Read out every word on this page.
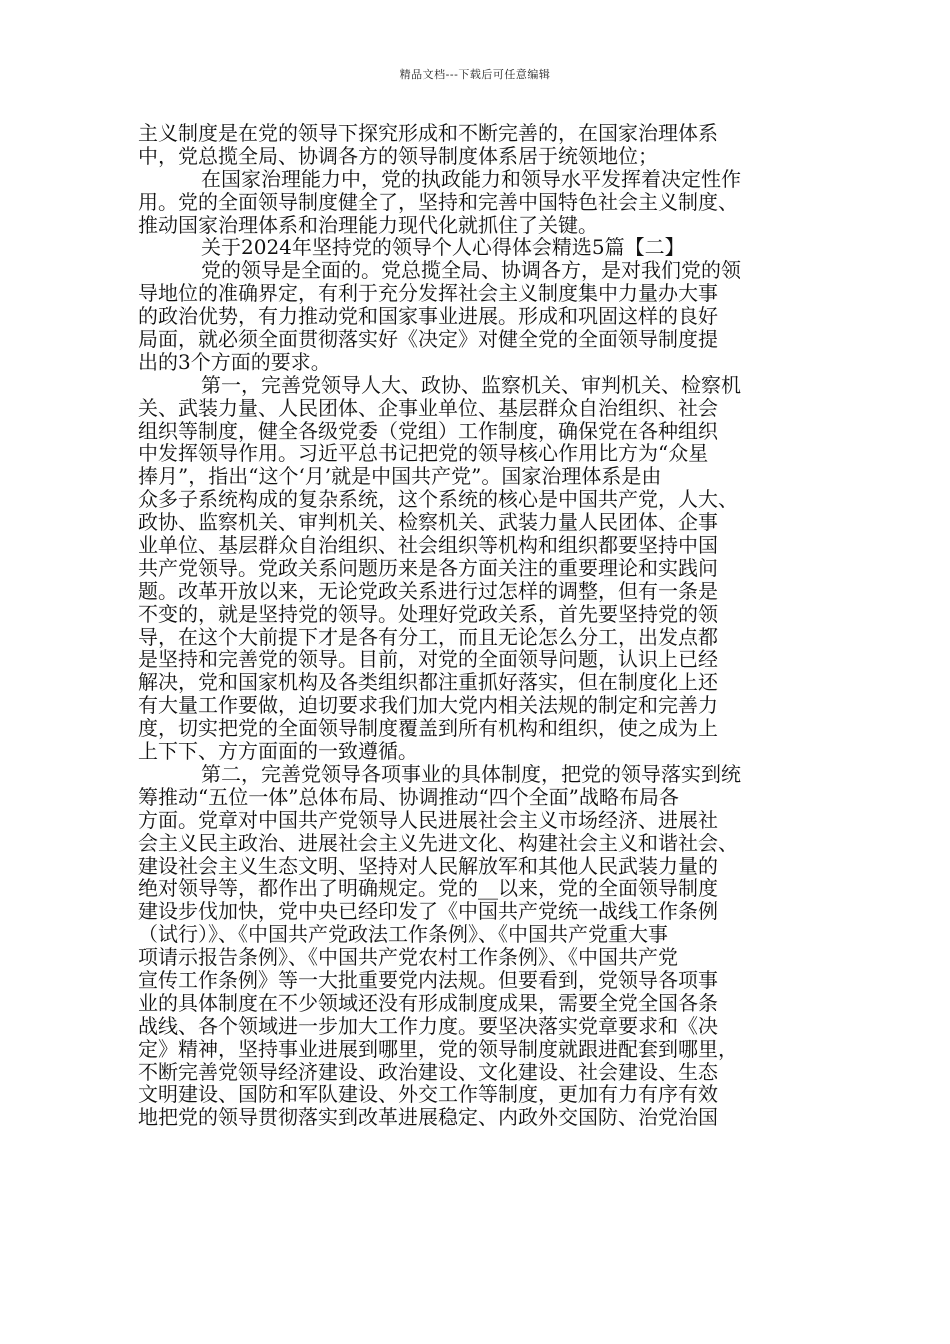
精品文档---下载后可任意编辑
主义制度是在党的领导下探究形成和不断完善的，在国家治理体系
中，党总揽全局、协调各方的领导制度体系居于统领地位；
在国家治理能力中，党的执政能力和领导水平发挥着决定性作
用。党的全面领导制度健全了，坚持和完善中国特色社会主义制度、
推动国家治理体系和治理能力现代化就抓住了关键。
关于2024年坚持党的领导个人心得体会精选5篇【二】
党的领导是全面的。党总揽全局、协调各方，是对我们党的领
导地位的准确界定，有利于充分发挥社会主义制度集中力量办大事
的政治优势，有力推动党和国家事业进展。形成和巩固这样的良好
局面，就必须全面贯彻落实好《决定》对健全党的全面领导制度提
出的3个方面的要求。
第一，完善党领导人大、政协、监察机关、审判机关、检察机
关、武装力量、人民团体、企事业单位、基层群众自治组织、社会
组织等制度，健全各级党委（党组）工作制度，确保党在各种组织
中发挥领导作用。习近平总书记把党的领导核心作用比方为“众星
捧月”，指出“这个‘月’就是中国共产党”。国家治理体系是由
众多子系统构成的复杂系统，这个系统的核心是中国共产党，人大、
政协、监察机关、审判机关、检察机关、武装力量人民团体、企事
业单位、基层群众自治组织、社会组织等机构和组织都要坚持中国
共产党领导。党政关系问题历来是各方面关注的重要理论和实践问
题。改革开放以来，无论党政关系进行过怎样的调整，但有一条是
不变的，就是坚持党的领导。处理好党政关系，首先要坚持党的领
导，在这个大前提下才是各有分工，而且无论怎么分工，出发点都
是坚持和完善党的领导。目前，对党的全面领导问题，认识上已经
解决，党和国家机构及各类组织都注重抓好落实，但在制度化上还
有大量工作要做，迫切要求我们加大党内相关法规的制定和完善力
度，切实把党的全面领导制度覆盖到所有机构和组织，使之成为上
上下下、方方面面的一致遵循。
第二，完善党领导各项事业的具体制度，把党的领导落实到统
筹推动“五位一体”总体布局、协调推动“四个全面”战略布局各
方面。党章对中国共产党领导人民进展社会主义市场经济、进展社
会主义民主政治、进展社会主义先进文化、构建社会主义和谐社会、
建设社会主义生态文明、坚持对人民解放军和其他人民武装力量的
绝对领导等，都作出了明确规定。党的__以来，党的全面领导制度
建设步伐加快，党中央已经印发了《中国共产党统一战线工作条例
（试行）》、《中国共产党政法工作条例》、《中国共产党重大事
项请示报告条例》、《中国共产党农村工作条例》、《中国共产党
宣传工作条例》等一大批重要党内法规。但要看到，党领导各项事
业的具体制度在不少领域还没有形成制度成果，需要全党全国各条
战线、各个领域进一步加大工作力度。要坚决落实党章要求和《决
定》精神，坚持事业进展到哪里，党的领导制度就跟进配套到哪里，
不断完善党领导经济建设、政治建设、文化建设、社会建设、生态
文明建设、国防和军队建设、外交工作等制度，更加有力有序有效
地把党的领导贯彻落实到改革进展稳定、内政外交国防、治党治国
